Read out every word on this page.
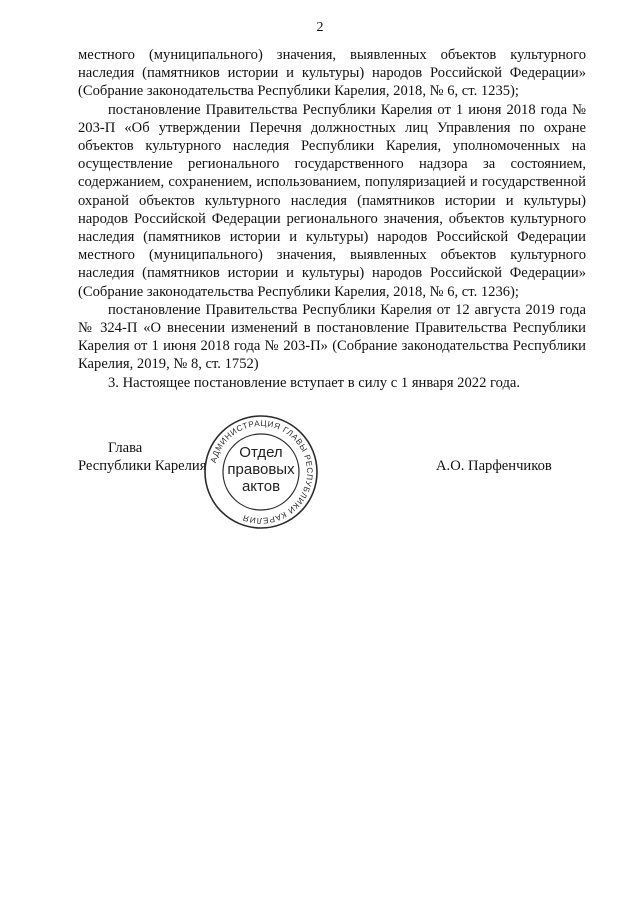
2

местного (муниципального) значения, выявленных объектов культурного наследия (памятников истории и культуры) народов Российской Федерации» (Собрание законодательства Республики Карелия, 2018, № 6, ст. 1235);

постановление Правительства Республики Карелия от 1 июня 2018 года № 203-П «Об утверждении Перечня должностных лиц Управления по охране объектов культурного наследия Республики Карелия, уполномоченных на осуществление регионального государственного надзора за состоянием, содержанием, сохранением, использованием, популяризацией и государственной охраной объектов культурного наследия (памятников истории и культуры) народов Российской Федерации регионального значения, объектов культурного наследия (памятников истории и культуры) народов Российской Федерации местного (муниципального) значения, выявленных объектов культурного наследия (памятников истории и культуры) народов Российской Федерации» (Собрание законодательства Республики Карелия, 2018, № 6, ст. 1236);

постановление Правительства Республики Карелия от 12 августа 2019 года № 324-П «О внесении изменений в постановление Правительства Республики Карелия от 1 июня 2018 года № 203-П» (Собрание законодательства Республики Карелия, 2019, № 8, ст. 1752)

3. Настоящее постановление вступает в силу с 1 января 2022 года.

Глава
Республики Карелия	А.О. Парфенчиков
АДМИНИСТРАЦИЯ ГЛАВЫ РЕСПУБЛИКИ КАРЕЛИЯ
Отдел
правовых
актов
